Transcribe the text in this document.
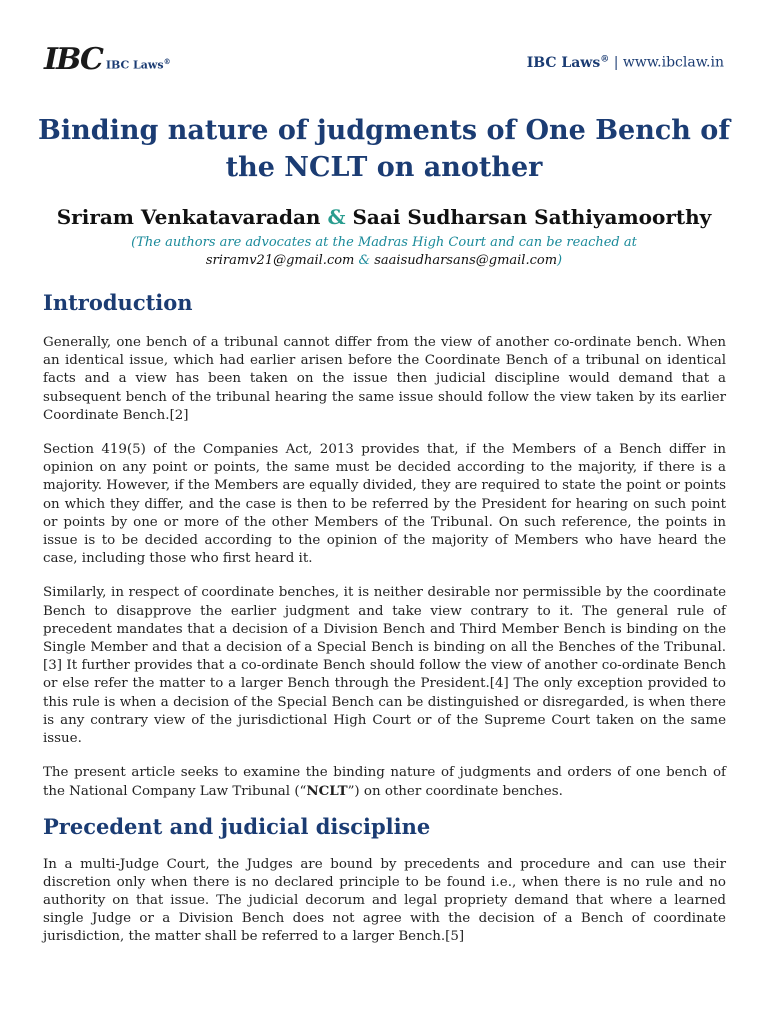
IBC IBC Laws®	IBC Laws® | www.ibclaw.in
Binding nature of judgments of One Bench of the NCLT on another
Sriram Venkatavaradan & Saai Sudharsan Sathiyamoorthy
(The authors are advocates at the Madras High Court and can be reached at
sriramv21@gmail.com & saaisudharsans@gmail.com)
Introduction

Generally, one bench of a tribunal cannot differ from the view of another co-ordinate bench. When an identical issue, which had earlier arisen before the Coordinate Bench of a tribunal on identical facts and a view has been taken on the issue then judicial discipline would demand that a subsequent bench of the tribunal hearing the same issue should follow the view taken by its earlier Coordinate Bench.[2]

Section 419(5) of the Companies Act, 2013 provides that, if the Members of a Bench differ in opinion on any point or points, the same must be decided according to the majority, if there is a majority. However, if the Members are equally divided, they are required to state the point or points on which they differ, and the case is then to be referred by the President for hearing on such point or points by one or more of the other Members of the Tribunal. On such reference, the points in issue is to be decided according to the opinion of the majority of Members who have heard the case, including those who first heard it.

Similarly, in respect of coordinate benches, it is neither desirable nor permissible by the coordinate Bench to disapprove the earlier judgment and take view contrary to it. The general rule of precedent mandates that a decision of a Division Bench and Third Member Bench is binding on the Single Member and that a decision of a Special Bench is binding on all the Benches of the Tribunal.[3] It further provides that a co-ordinate Bench should follow the view of another co-ordinate Bench or else refer the matter to a larger Bench through the President.[4] The only exception provided to this rule is when a decision of the Special Bench can be distinguished or disregarded, is when there is any contrary view of the jurisdictional High Court or of the Supreme Court taken on the same issue.

The present article seeks to examine the binding nature of judgments and orders of one bench of the National Company Law Tribunal (“NCLT”) on other coordinate benches.

Precedent and judicial discipline

In a multi-Judge Court, the Judges are bound by precedents and procedure and can use their discretion only when there is no declared principle to be found i.e., when there is no rule and no authority on that issue. The judicial decorum and legal propriety demand that where a learned single Judge or a Division Bench does not agree with the decision of a Bench of coordinate jurisdiction, the matter shall be referred to a larger Bench.[5]
